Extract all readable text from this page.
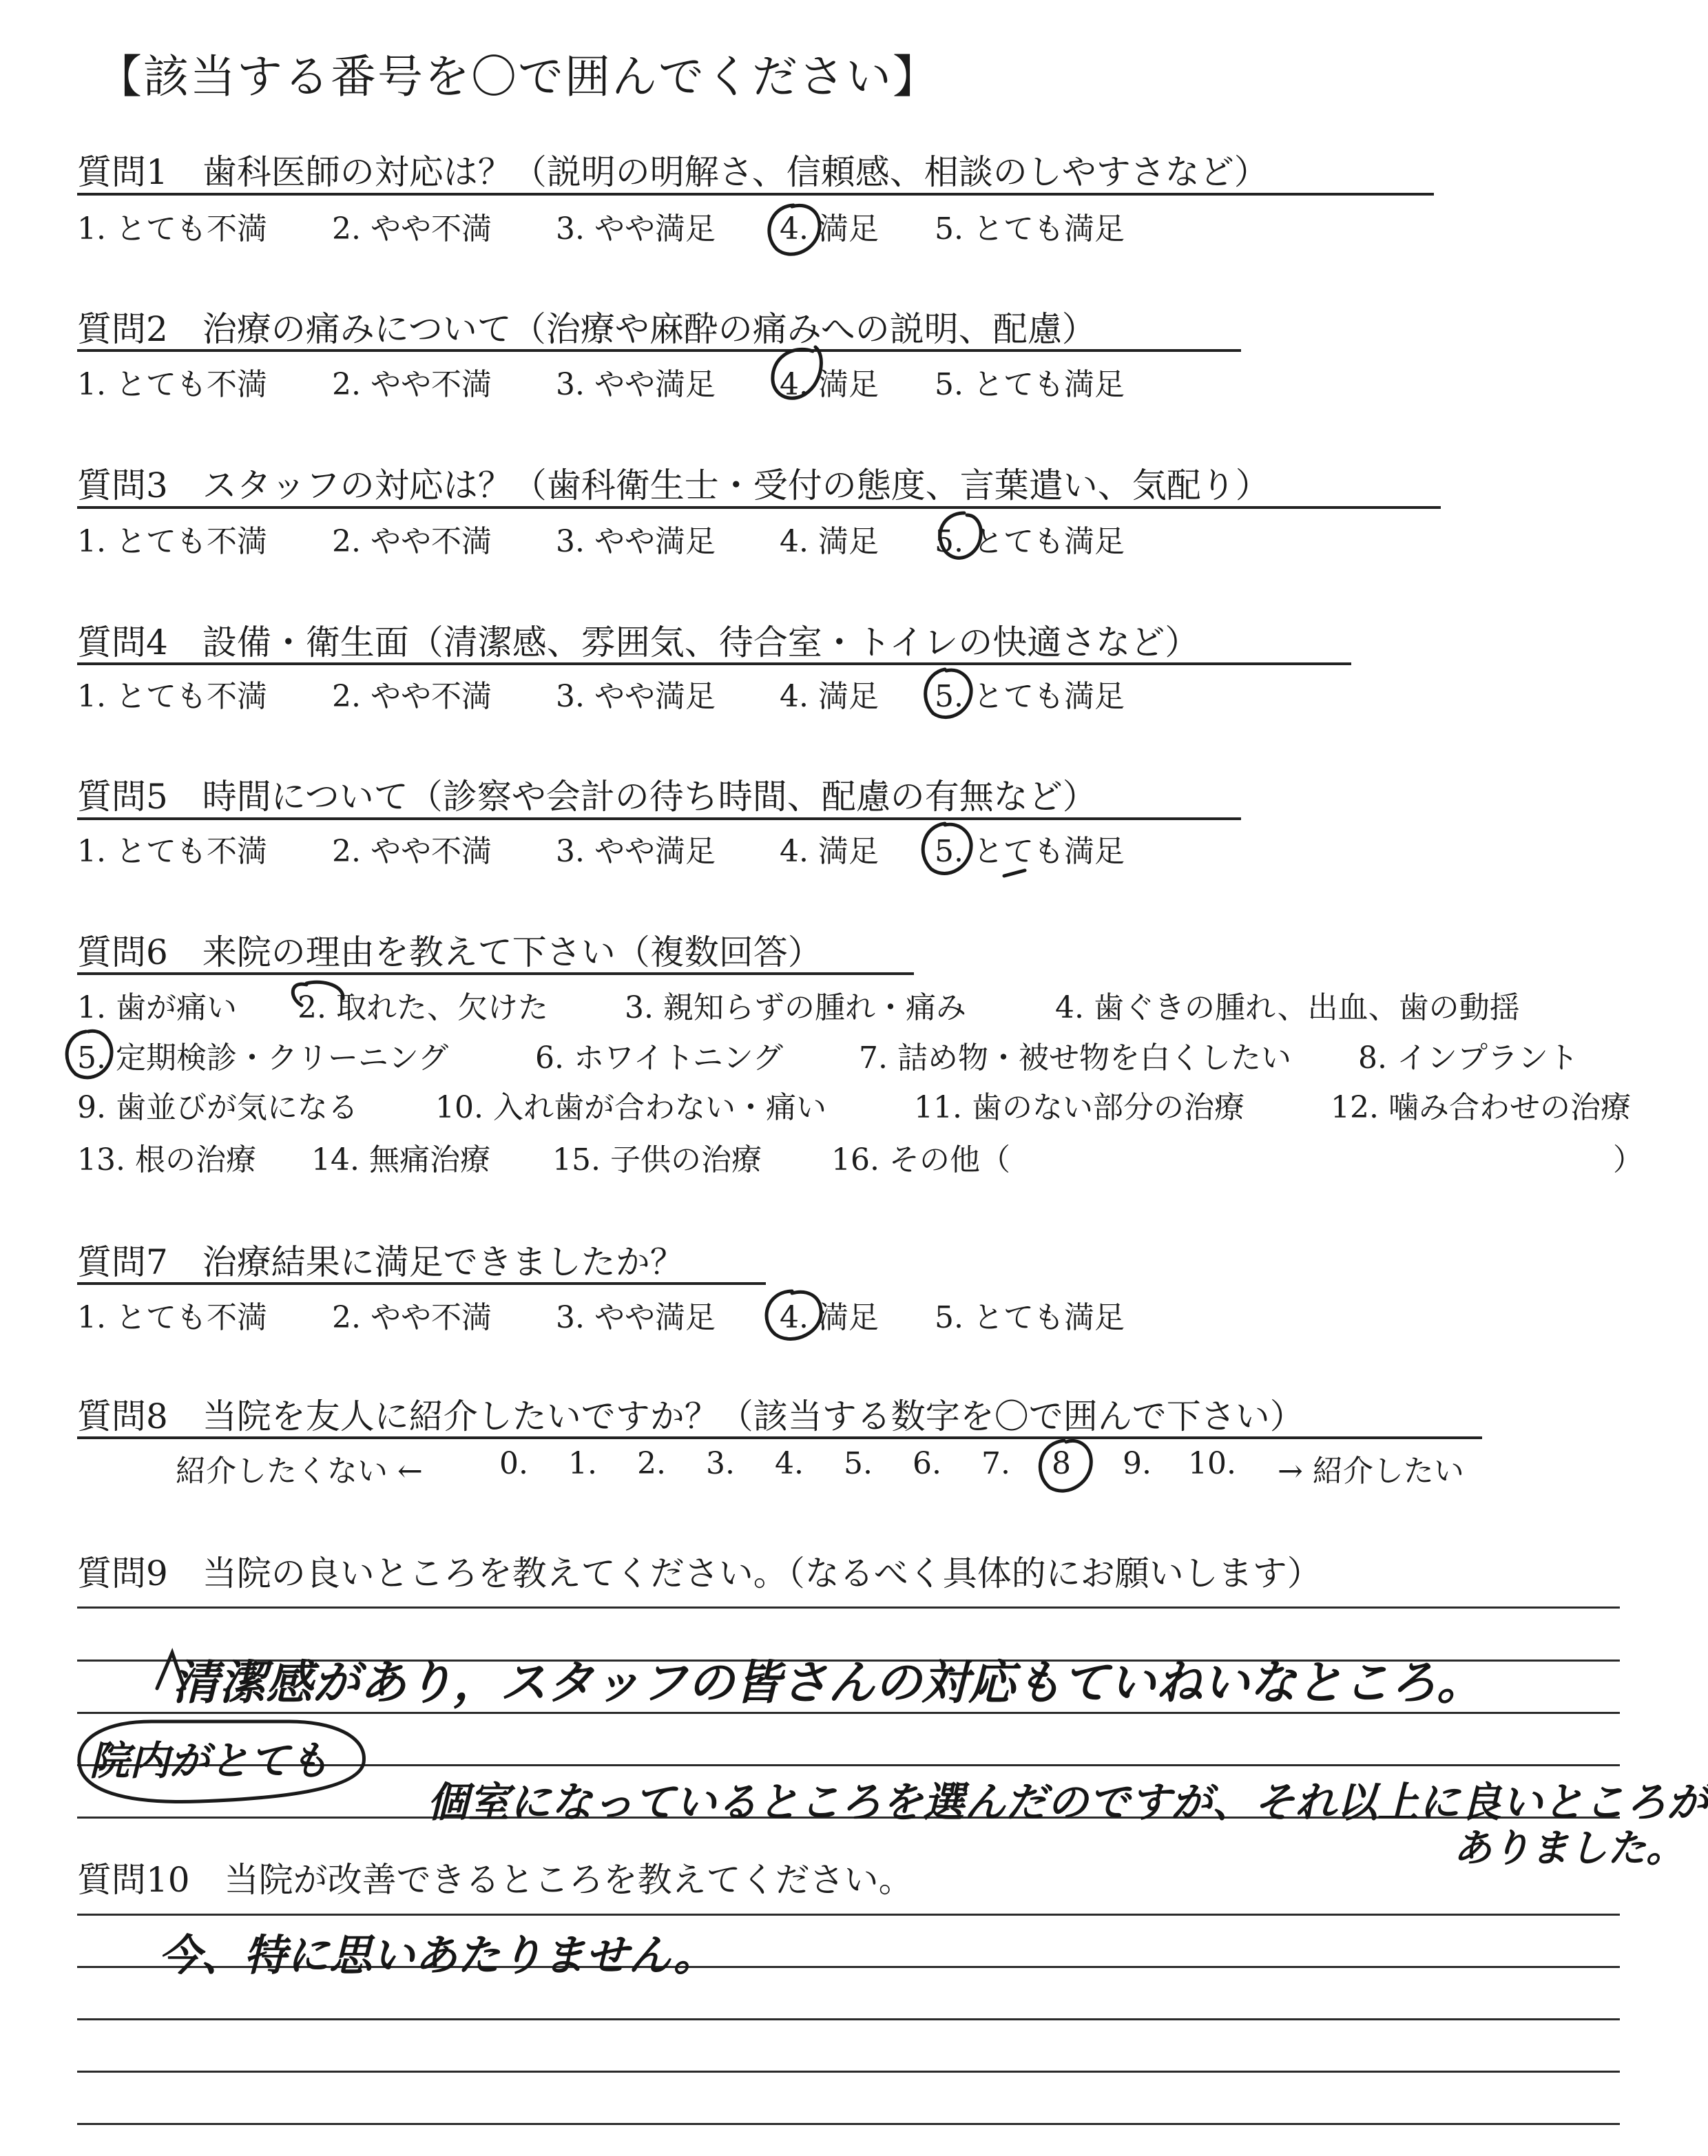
【該当する番号を〇で囲んでください】
質問1　歯科医師の対応は？（説明の明解さ、信頼感、相談のしやすさなど）
1. とても不満 2. やや不満 3. やや満足 4. 満足 5. とても満足
質問2　治療の痛みについて（治療や麻酔の痛みへの説明、配慮）
1. とても不満 2. やや不満 3. やや満足 4. 満足 5. とても満足
質問3　スタッフの対応は？（歯科衛生士・受付の態度、言葉遣い、気配り）
1. とても不満 2. やや不満 3. やや満足 4. 満足 5. とても満足
質問4　設備・衛生面（清潔感、雰囲気、待合室・トイレの快適さなど）
1. とても不満 2. やや不満 3. やや満足 4. 満足 5. とても満足
質問5　時間について（診察や会計の待ち時間、配慮の有無など）
1. とても不満 2. やや不満 3. やや満足 4. 満足 5. とても満足
質問6　来院の理由を教えて下さい（複数回答）
1. 歯が痛い 2. 取れた、欠けた	3. 親知らずの腫れ・痛み	4. 歯ぐきの腫れ、出血、歯の動揺
5. 定期検診・クリーニング	6. ホワイトニング 7. 詰め物・被せ物を白くしたい 8. インプラント
9. 歯並びが気になる	10. 入れ歯が合わない・痛い	11. 歯のない部分の治療	12. 噛み合わせの治療
13. 根の治療 14. 無痛治療 15. 子供の治療 16. その他（	）
質問7　治療結果に満足できましたか？
1. とても不満 2. やや不満 3. やや満足 4. 満足 5. とても満足
質問8　当院を友人に紹介したいですか？（該当する数字を〇で囲んで下さい）
紹介したくない ←	0. 1. 2. 3. 4. 5. 6. 7. 8 9. 10. → 紹介したい
質問9　当院の良いところを教えてください。（なるべく具体的にお願いします）
清潔感があり，スタッフの皆さんの対応もていねいなところ。
院内がとても
個室になっているところを選んだのですが、それ以上に良いところが
ありました。
質問10　当院が改善できるところを教えてください。
今、特に思いあたりません。
